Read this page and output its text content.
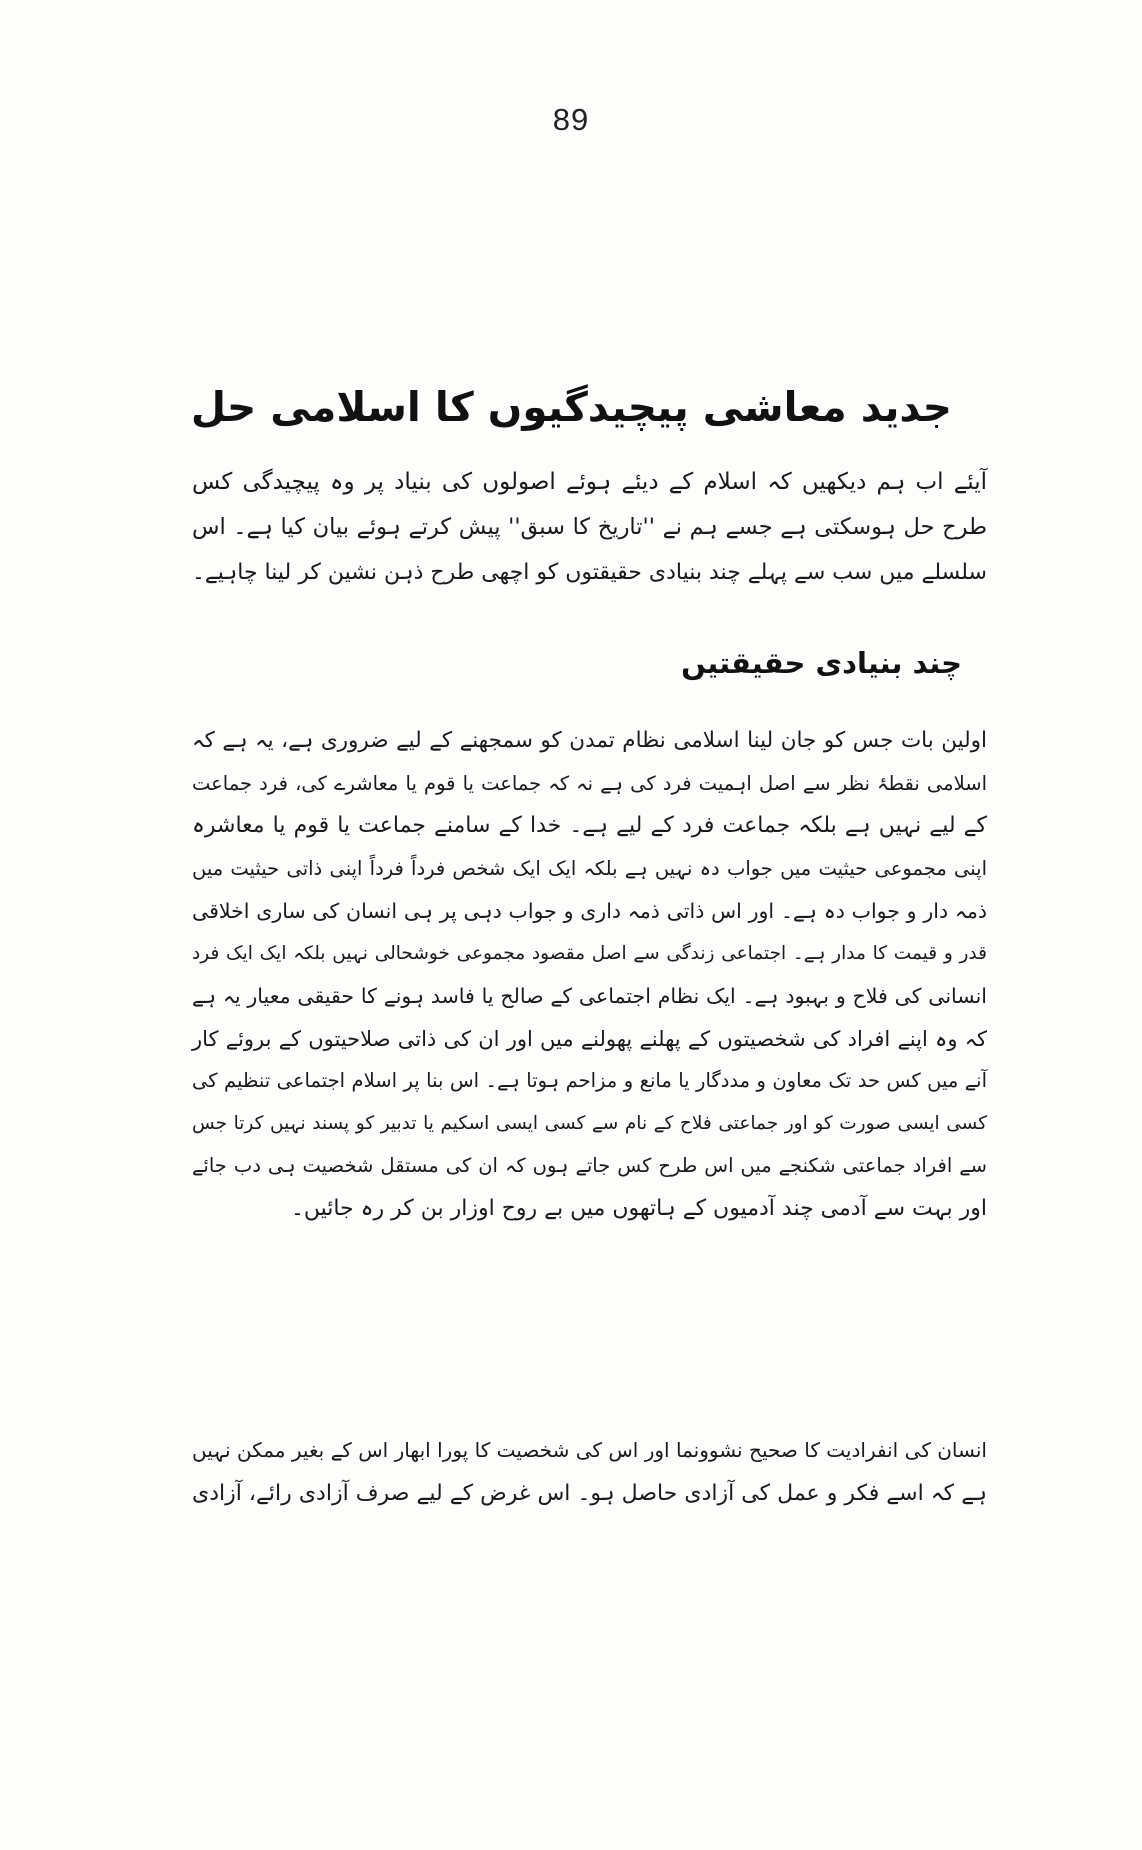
89
جدید معاشی پیچیدگیوں کا اسلامی حل
آیئے اب ہم دیکھیں کہ اسلام کے دیئے ہوئے اصولوں کی بنیاد پر وہ پیچیدگی کس
طرح حل ہوسکتی ہے جسے ہم نے ''تاریخ کا سبق'' پیش کرتے ہوئے بیان کیا ہے۔ اس
سلسلے میں سب سے پہلے چند بنیادی حقیقتوں کو اچھی طرح ذہن نشین کر لینا چاہیے۔
چند بنیادی حقیقتیں
اولین بات جس کو جان لینا اسلامی نظام تمدن کو سمجھنے کے لیے ضروری ہے، یہ ہے کہ
اسلامی نقطۂ نظر سے اصل اہمیت فرد کی ہے نہ کہ جماعت یا قوم یا معاشرے کی، فرد جماعت
کے لیے نہیں ہے بلکہ جماعت فرد کے لیے ہے۔ خدا کے سامنے جماعت یا قوم یا معاشرہ
اپنی مجموعی حیثیت میں جواب دہ نہیں ہے بلکہ ایک ایک شخص فرداً فرداً اپنی ذاتی حیثیت میں
ذمہ دار و جواب دہ ہے۔ اور اس ذاتی ذمہ داری و جواب دہی پر ہی انسان کی ساری اخلاقی
قدر و قیمت کا مدار ہے۔ اجتماعی زندگی سے اصل مقصود مجموعی خوشحالی نہیں بلکہ ایک ایک فرد
انسانی کی فلاح و بہبود ہے۔ ایک نظام اجتماعی کے صالح یا فاسد ہونے کا حقیقی معیار یہ ہے
کہ وہ اپنے افراد کی شخصیتوں کے پھلنے پھولنے میں اور ان کی ذاتی صلاحیتوں کے بروئے کار
آنے میں کس حد تک معاون و مددگار یا مانع و مزاحم ہوتا ہے۔ اس بنا پر اسلام اجتماعی تنظیم کی
کسی ایسی صورت کو اور جماعتی فلاح کے نام سے کسی ایسی اسکیم یا تدبیر کو پسند نہیں کرتا جس
سے افراد جماعتی شکنجے میں اس طرح کس جاتے ہوں کہ ان کی مستقل شخصیت ہی دب جائے
اور بہت سے آدمی چند آدمیوں کے ہاتھوں میں بے روح اوزار بن کر رہ جائیں۔
انسان کی انفرادیت کا صحیح نشوونما اور اس کی شخصیت کا پورا ابھار اس کے بغیر ممکن نہیں
ہے کہ اسے فکر و عمل کی آزادی حاصل ہو۔ اس غرض کے لیے صرف آزادی رائے، آزادی
